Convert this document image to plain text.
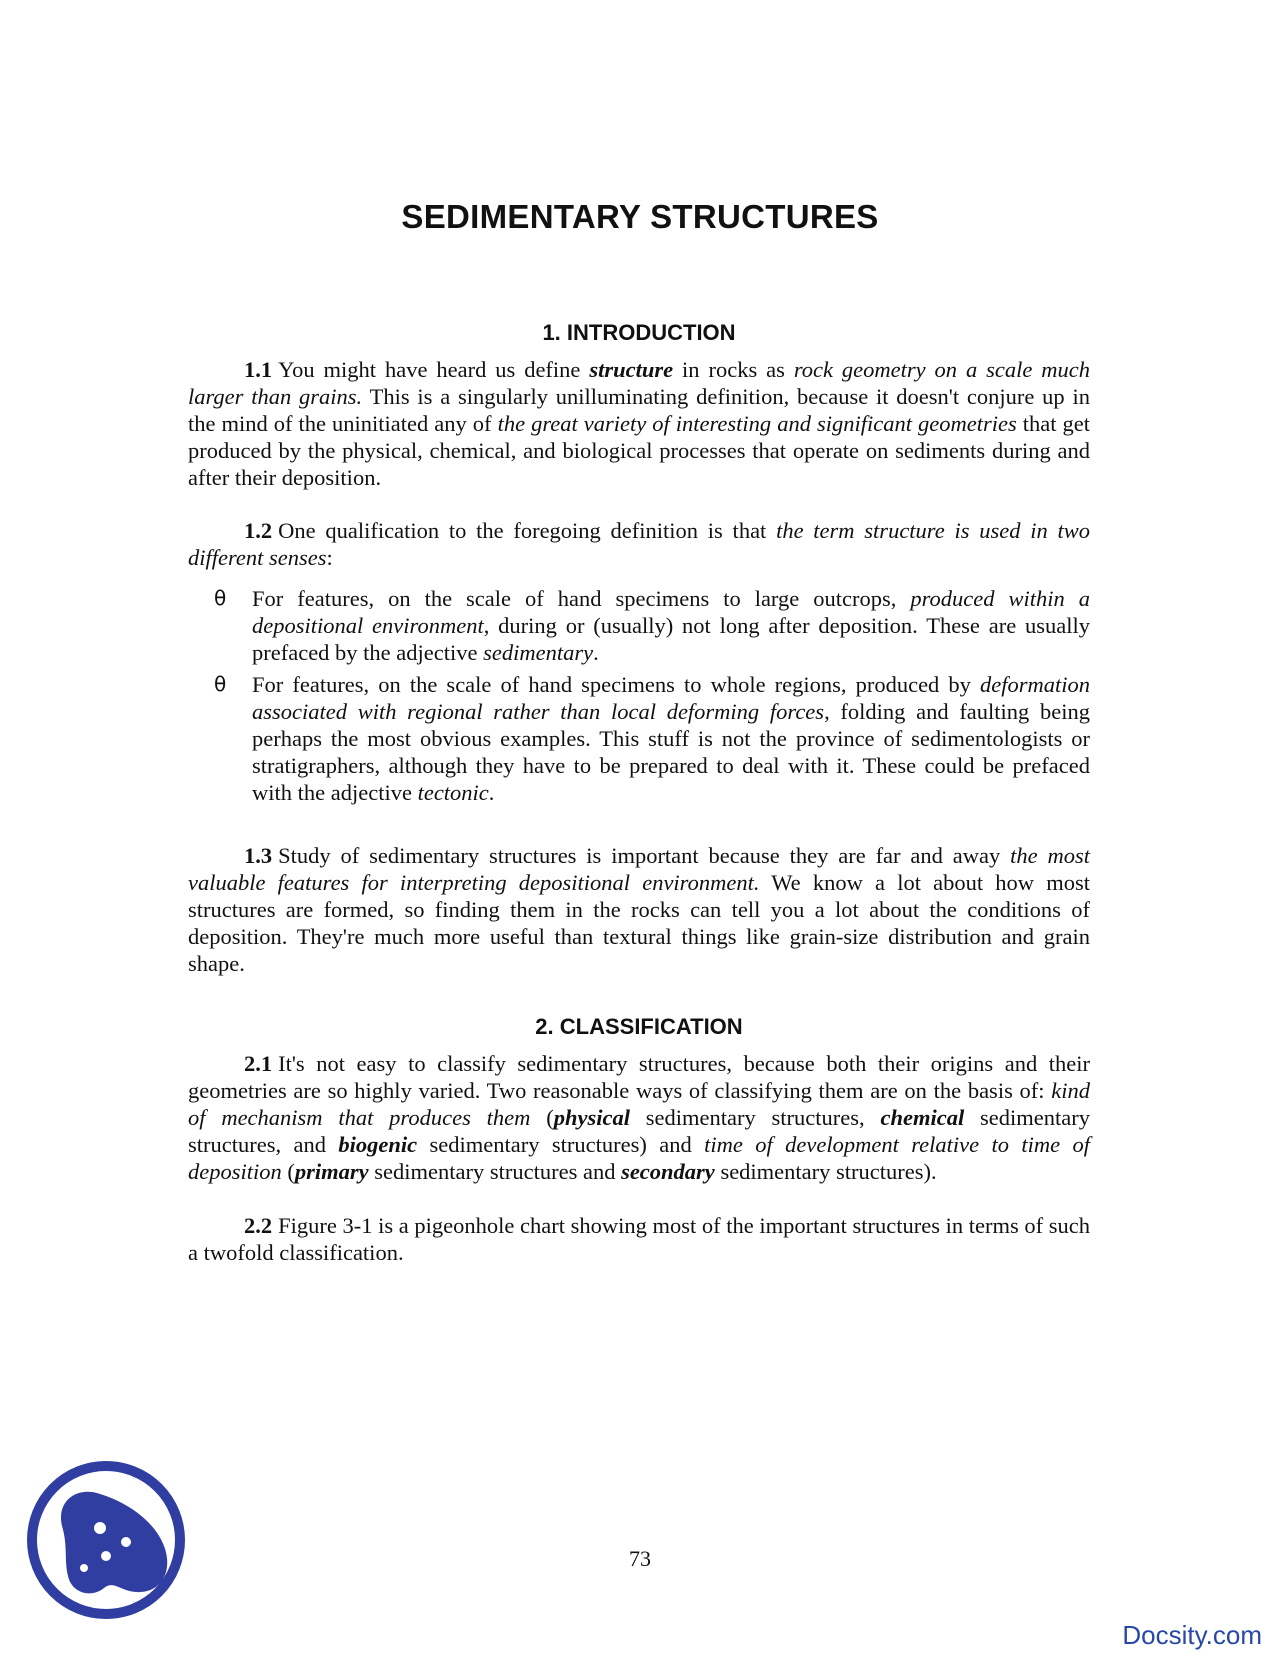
SEDIMENTARY STRUCTURES
1. INTRODUCTION

1.1 You might have heard us define structure in rocks as rock geometry on a scale much larger than grains. This is a singularly unilluminating definition, because it doesn't conjure up in the mind of the uninitiated any of the great variety of interesting and significant geometries that get produced by the physical, chemical, and biological processes that operate on sediments during and after their deposition.

1.2 One qualification to the foregoing definition is that the term structure is used in two different senses:

θ For features, on the scale of hand specimens to large outcrops, produced within a depositional environment, during or (usually) not long after deposition. These are usually prefaced by the adjective sedimentary.
θ For features, on the scale of hand specimens to whole regions, produced by deformation associated with regional rather than local deforming forces, folding and faulting being perhaps the most obvious examples. This stuff is not the province of sedimentologists or stratigraphers, although they have to be prepared to deal with it. These could be prefaced with the adjective tectonic.

1.3 Study of sedimentary structures is important because they are far and away the most valuable features for interpreting depositional environment. We know a lot about how most structures are formed, so finding them in the rocks can tell you a lot about the conditions of deposition. They're much more useful than textural things like grain-size distribution and grain shape.

2. CLASSIFICATION

2.1 It's not easy to classify sedimentary structures, because both their origins and their geometries are so highly varied. Two reasonable ways of classifying them are on the basis of: kind of mechanism that produces them (physical sedimentary structures, chemical sedimentary structures, and biogenic sedimentary structures) and time of development relative to time of deposition (primary sedimentary structures and secondary sedimentary structures).

2.2 Figure 3-1 is a pigeonhole chart showing most of the important structures in terms of such a twofold classification.

73
Docsity.com
